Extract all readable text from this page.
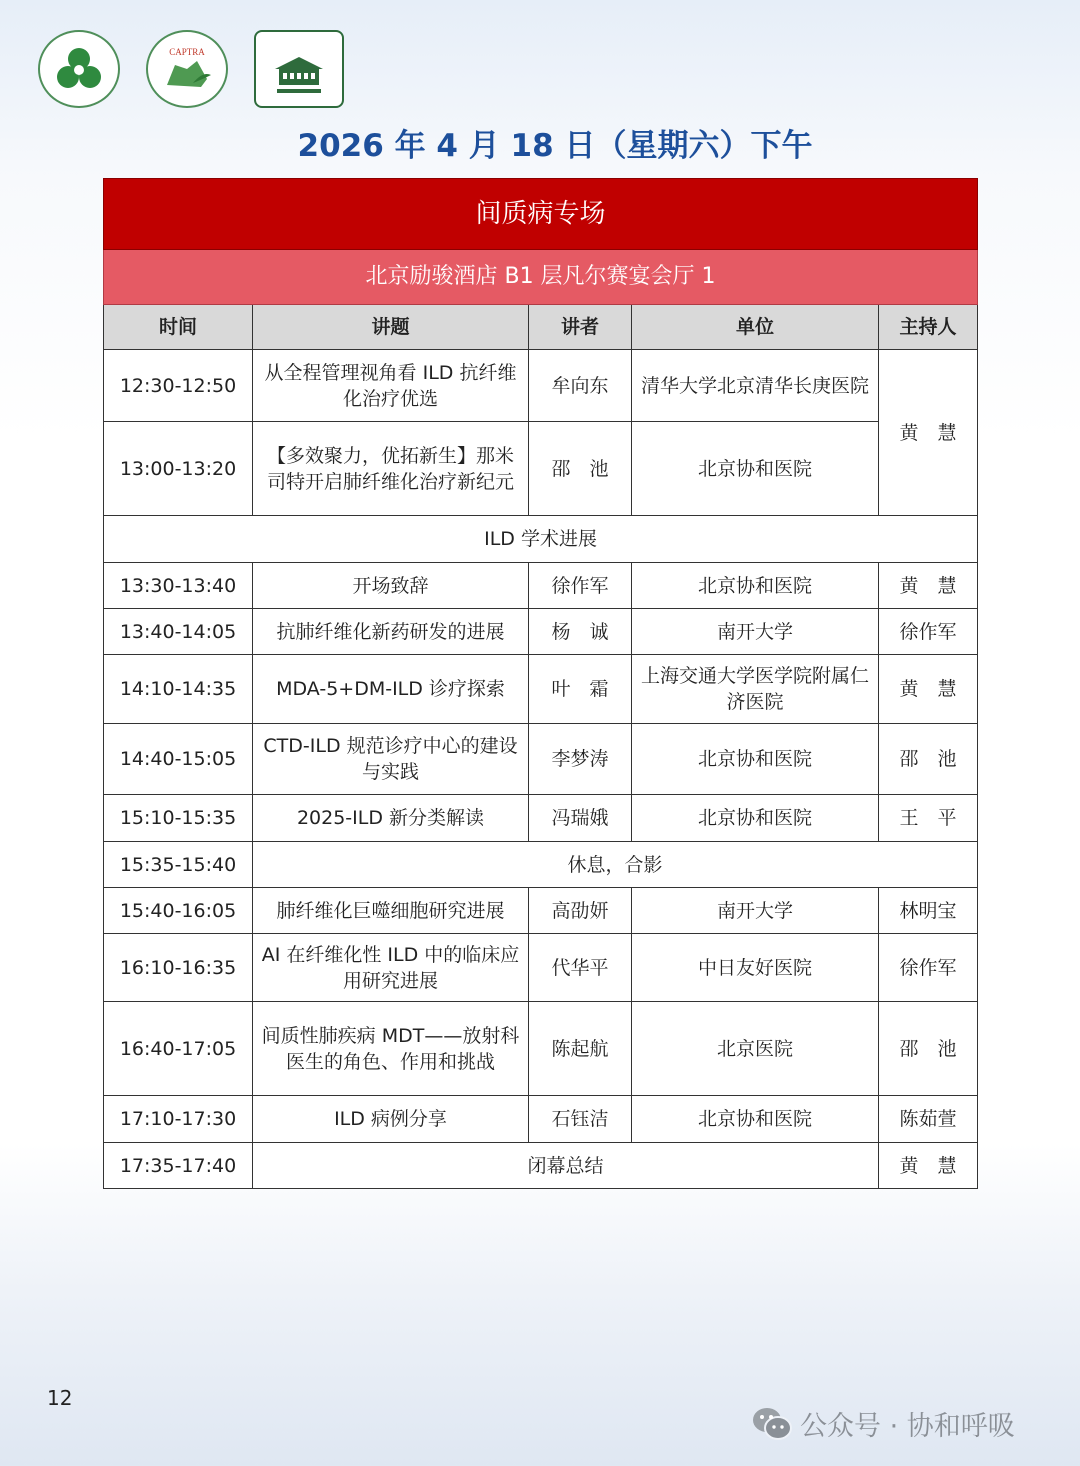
CAPTRA
2026 年 4 月 18 日（星期六）下午
间质病专场				
北京励骏酒店 B1 层凡尔赛宴会厅 1				
时间	讲题	讲者	单位	主持人
12:30-12:50	从全程管理视角看 ILD 抗纤维化治疗优选	牟向东	清华大学北京清华长庚医院	黄　慧
13:00-13:20	【多效聚力，优拓新生】那米司特开启肺纤维化治疗新纪元	邵　池	北京协和医院	
ILD 学术进展				
13:30-13:40	开场致辞	徐作军	北京协和医院	黄　慧
13:40-14:05	抗肺纤维化新药研发的进展	杨　诚	南开大学	徐作军
14:10-14:35	MDA-5+DM-ILD 诊疗探索	叶　霜	上海交通大学医学院附属仁济医院	黄　慧
14:40-15:05	CTD-ILD 规范诊疗中心的建设与实践	李梦涛	北京协和医院	邵　池
15:10-15:35	2025-ILD 新分类解读	冯瑞娥	北京协和医院	王　平
15:35-15:40	休息，合影			
15:40-16:05	肺纤维化巨噬细胞研究进展	高劭妍	南开大学	林明宝
16:10-16:35	AI 在纤维化性 ILD 中的临床应用研究进展	代华平	中日友好医院	徐作军
16:40-17:05	间质性肺疾病 MDT——放射科医生的角色、作用和挑战	陈起航	北京医院	邵　池
17:10-17:30	ILD 病例分享	石钰洁	北京协和医院	陈茹萱
17:35-17:40	闭幕总结			黄　慧
12
公众号 · 协和呼吸
